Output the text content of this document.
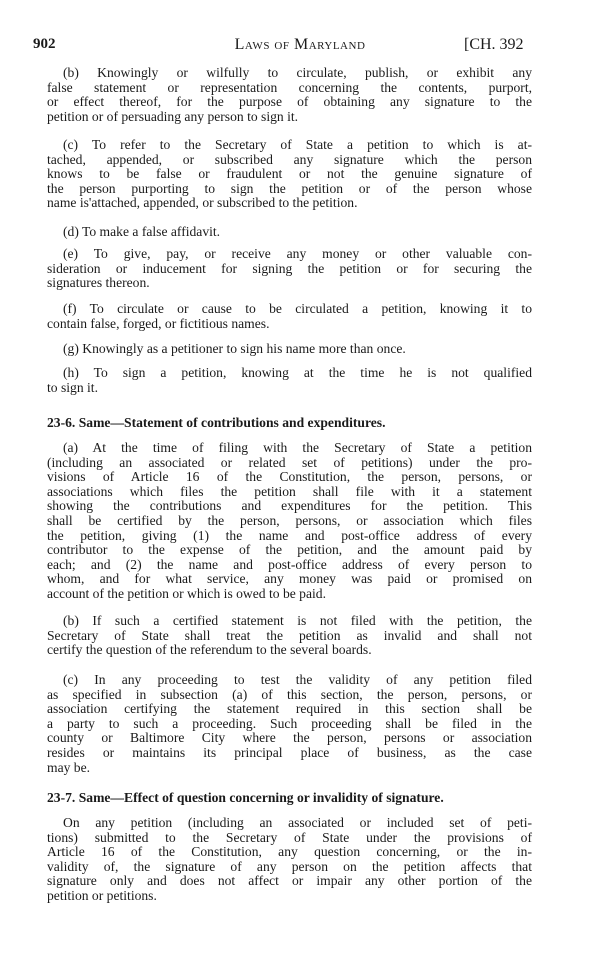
902	Laws of Maryland	[CH. 392
(b) Knowingly or wilfully to circulate, publish, or exhibit any
false statement or representation concerning the contents, purport,
or effect thereof, for the purpose of obtaining any signature to the
petition or of persuading any person to sign it.
(c) To refer to the Secretary of State a petition to which is at-
tached, appended, or subscribed any signature which the person
knows to be false or fraudulent or not the genuine signature of
the person purporting to sign the petition or of the person whose
name is'attached, appended, or subscribed to the petition.
(d) To make a false affidavit.
(e) To give, pay, or receive any money or other valuable con-
sideration or inducement for signing the petition or for securing the
signatures thereon.
(f) To circulate or cause to be circulated a petition, knowing it to
contain false, forged, or fictitious names.
(g) Knowingly as a petitioner to sign his name more than once.
(h) To sign a petition, knowing at the time he is not qualified
to sign it.
23-6. Same—Statement of contributions and expenditures.
(a) At the time of filing with the Secretary of State a petition
(including an associated or related set of petitions) under the pro-
visions of Article 16 of the Constitution, the person, persons, or
associations which files the petition shall file with it a statement
showing the contributions and expenditures for the petition. This
shall be certified by the person, persons, or association which files
the petition, giving (1) the name and post-office address of every
contributor to the expense of the petition, and the amount paid by
each; and (2) the name and post-office address of every person to
whom, and for what service, any money was paid or promised on
account of the petition or which is owed to be paid.
(b) If such a certified statement is not filed with the petition, the
Secretary of State shall treat the petition as invalid and shall not
certify the question of the referendum to the several boards.
(c) In any proceeding to test the validity of any petition filed
as specified in subsection (a) of this section, the person, persons, or
association certifying the statement required in this section shall be
a party to such a proceeding. Such proceeding shall be filed in the
county or Baltimore City where the person, persons or association
resides or maintains its principal place of business, as the case
may be.
23-7. Same—Effect of question concerning or invalidity of signature.
On any petition (including an associated or included set of peti-
tions) submitted to the Secretary of State under the provisions of
Article 16 of the Constitution, any question concerning, or the in-
validity of, the signature of any person on the petition affects that
signature only and does not affect or impair any other portion of the
petition or petitions.
